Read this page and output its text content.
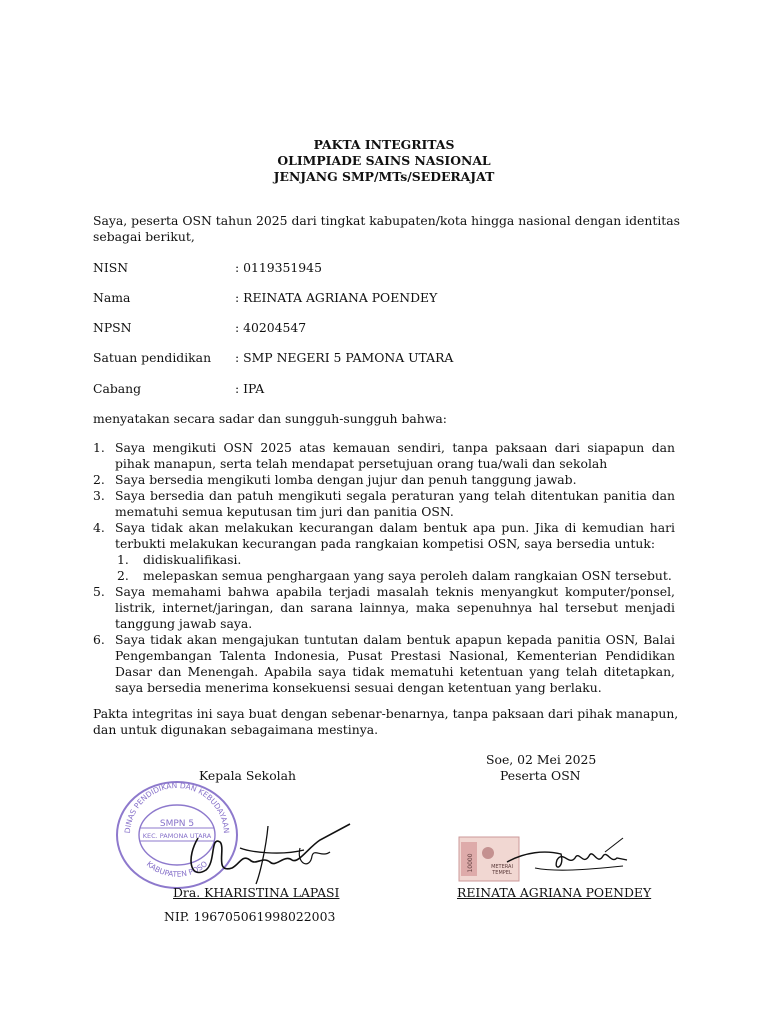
PAKTA INTEGRITAS
OLIMPIADE SAINS NASIONAL
JENJANG SMP/MTs/SEDERAJAT
Saya, peserta OSN tahun 2025 dari tingkat kabupaten/kota hingga nasional dengan identitas sebagai berikut,
NISN	: 0119351945
Nama	: REINATA AGRIANA POENDEY
NPSN	: 40204547
Satuan pendidikan	: SMP NEGERI 5 PAMONA UTARA
Cabang	: IPA
menyatakan secara sadar dan sungguh-sungguh bahwa:
1. Saya mengikuti OSN 2025 atas kemauan sendiri, tanpa paksaan dari siapapun dan pihak manapun, serta telah mendapat persetujuan orang tua/wali dan sekolah
2. Saya bersedia mengikuti lomba dengan jujur dan penuh tanggung jawab.
3. Saya bersedia dan patuh mengikuti segala peraturan yang telah ditentukan panitia dan mematuhi semua keputusan tim juri dan panitia OSN.
4. Saya tidak akan melakukan kecurangan dalam bentuk apa pun. Jika di kemudian hari terbukti melakukan kecurangan pada rangkaian kompetisi OSN, saya bersedia untuk:
1. didiskualifikasi.
2. melepaskan semua penghargaan yang saya peroleh dalam rangkaian OSN tersebut.
5. Saya memahami bahwa apabila terjadi masalah teknis menyangkut komputer/ponsel, listrik, internet/jaringan, dan sarana lainnya, maka sepenuhnya hal tersebut menjadi tanggung jawab saya.
6. Saya tidak akan mengajukan tuntutan dalam bentuk apapun kepada panitia OSN, Balai Pengembangan Talenta Indonesia, Pusat Prestasi Nasional, Kementerian Pendidikan Dasar dan Menengah. Apabila saya tidak mematuhi ketentuan yang telah ditetapkan, saya bersedia menerima konsekuensi sesuai dengan ketentuan yang berlaku.
Pakta integritas ini saya buat dengan sebenar-benarnya, tanpa paksaan dari pihak manapun, dan untuk digunakan sebagaimana mestinya.
Soe, 02 Mei 2025
Kepala Sekolah	Peserta OSN
DINAS PENDIDIKAN DAN KEBUDAYAAN
KABUPATEN POSO
SMPN 5
KEC. PAMONA UTARA
10000	METERAI
TEMPEL
Dra. KHARISTINA LAPASI
NIP. 196705061998022003
REINATA AGRIANA POENDEY
